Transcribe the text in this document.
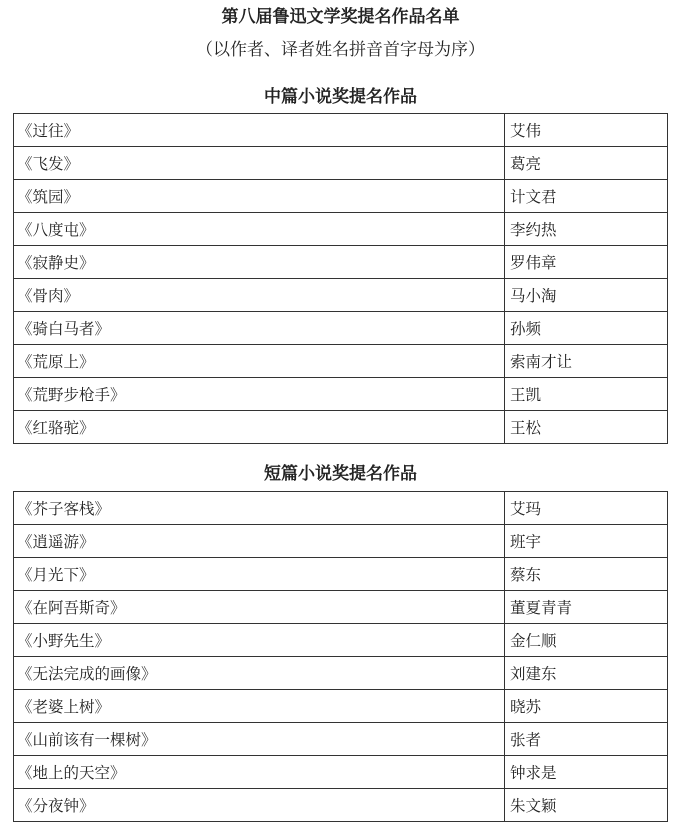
第八届鲁迅文学奖提名作品名单
（以作者、译者姓名拼音首字母为序）
中篇小说奖提名作品
《过往》	艾伟
《飞发》	葛亮
《筑园》	计文君
《八度屯》	李约热
《寂静史》	罗伟章
《骨肉》	马小淘
《骑白马者》	孙频
《荒原上》	索南才让
《荒野步枪手》	王凯
《红骆驼》	王松
短篇小说奖提名作品
《芥子客栈》	艾玛
《逍遥游》	班宇
《月光下》	蔡东
《在阿吾斯奇》	董夏青青
《小野先生》	金仁顺
《无法完成的画像》	刘建东
《老婆上树》	晓苏
《山前该有一棵树》	张者
《地上的天空》	钟求是
《分夜钟》	朱文颖
